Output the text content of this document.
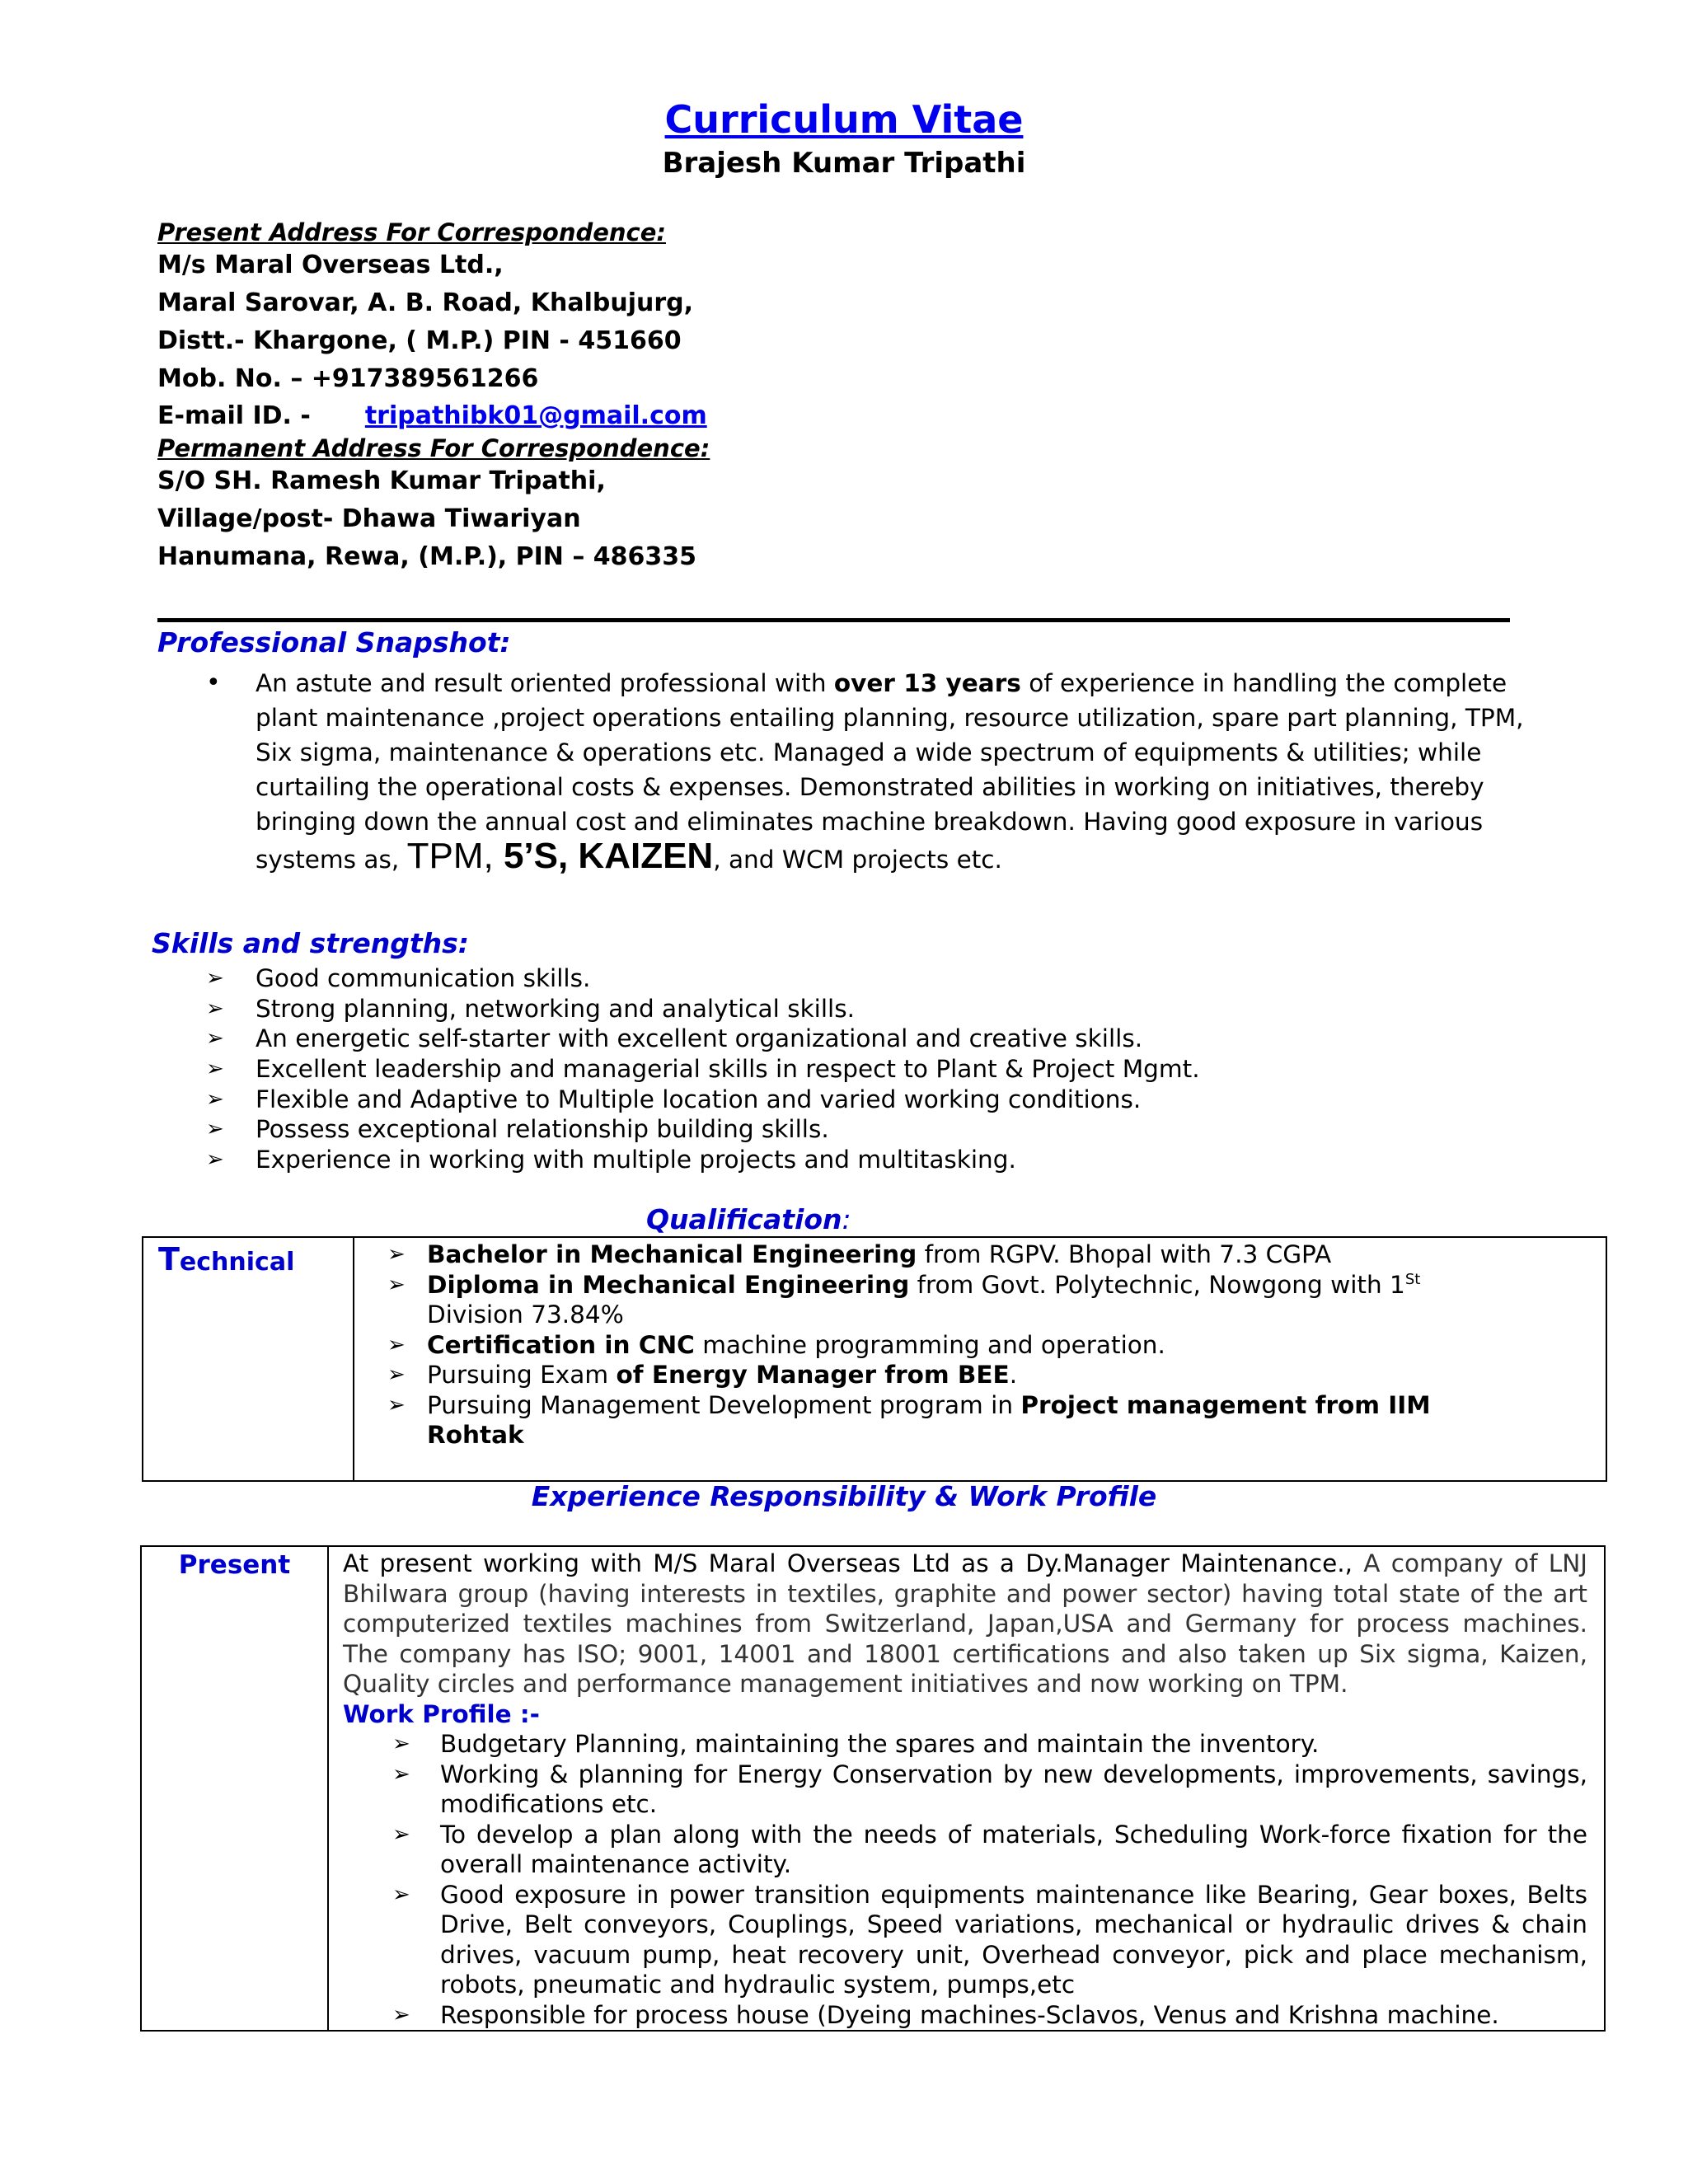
Curriculum Vitae
Brajesh Kumar Tripathi
Present Address For Correspondence:
M/s Maral Overseas Ltd.,
Maral Sarovar, A. B. Road, Khalbujurg,
Distt.- Khargone, ( M.P.) PIN - 451660
Mob. No. – +917389561266
E-mail ID. - tripathibk01@gmail.com
Permanent Address For Correspondence:
S/O SH. Ramesh Kumar Tripathi,
Village/post- Dhawa Tiwariyan
Hanumana, Rewa, (M.P.), PIN – 486335
Professional Snapshot:
• An astute and result oriented professional with over 13 years of experience in handling the complete plant maintenance ,project operations entailing planning, resource utilization, spare part planning, TPM, Six sigma, maintenance & operations etc. Managed a wide spectrum of equipments & utilities; while curtailing the operational costs & expenses. Demonstrated abilities in working on initiatives, thereby bringing down the annual cost and eliminates machine breakdown. Having good exposure in various systems as, TPM, 5’S, KAIZEN, and WCM projects etc.
Skills and strengths:
➢ Good communication skills.
➢ Strong planning, networking and analytical skills.
➢ An energetic self-starter with excellent organizational and creative skills.
➢ Excellent leadership and managerial skills in respect to Plant & Project Mgmt.
➢ Flexible and Adaptive to Multiple location and varied working conditions.
➢ Possess exceptional relationship building skills.
➢ Experience in working with multiple projects and multitasking.
Qualification:
Technical	➢ Bachelor in Mechanical Engineering from RGPV. Bhopal with 7.3 CGPA
➢ Diploma in Mechanical Engineering from Govt. Polytechnic, Nowgong with 1St Division 73.84%
➢ Certification in CNC machine programming and operation.
➢ Pursuing Exam of Energy Manager from BEE.
➢ Pursuing Management Development program in Project management from IIM Rohtak
Experience Responsibility & Work Profile
Present	At present working with M/S Maral Overseas Ltd as a Dy.Manager Maintenance., A company of LNJ Bhilwara group (having interests in textiles, graphite and power sector) having total state of the art computerized textiles machines from Switzerland, Japan,USA and Germany for process machines. The company has ISO; 9001, 14001 and 18001 certifications and also taken up Six sigma, Kaizen, Quality circles and performance management initiatives and now working on TPM.
Work Profile :-
➢ Budgetary Planning, maintaining the spares and maintain the inventory.
➢ Working & planning for Energy Conservation by new developments, improvements, savings, modifications etc.
➢ To develop a plan along with the needs of materials, Scheduling Work-force fixation for the overall maintenance activity.
➢ Good exposure in power transition equipments maintenance like Bearing, Gear boxes, Belts Drive, Belt conveyors, Couplings, Speed variations, mechanical or hydraulic drives & chain drives, vacuum pump, heat recovery unit, Overhead conveyor, pick and place mechanism, robots, pneumatic and hydraulic system, pumps,etc
➢ Responsible for process house (Dyeing machines-Sclavos, Venus and Krishna machine.
